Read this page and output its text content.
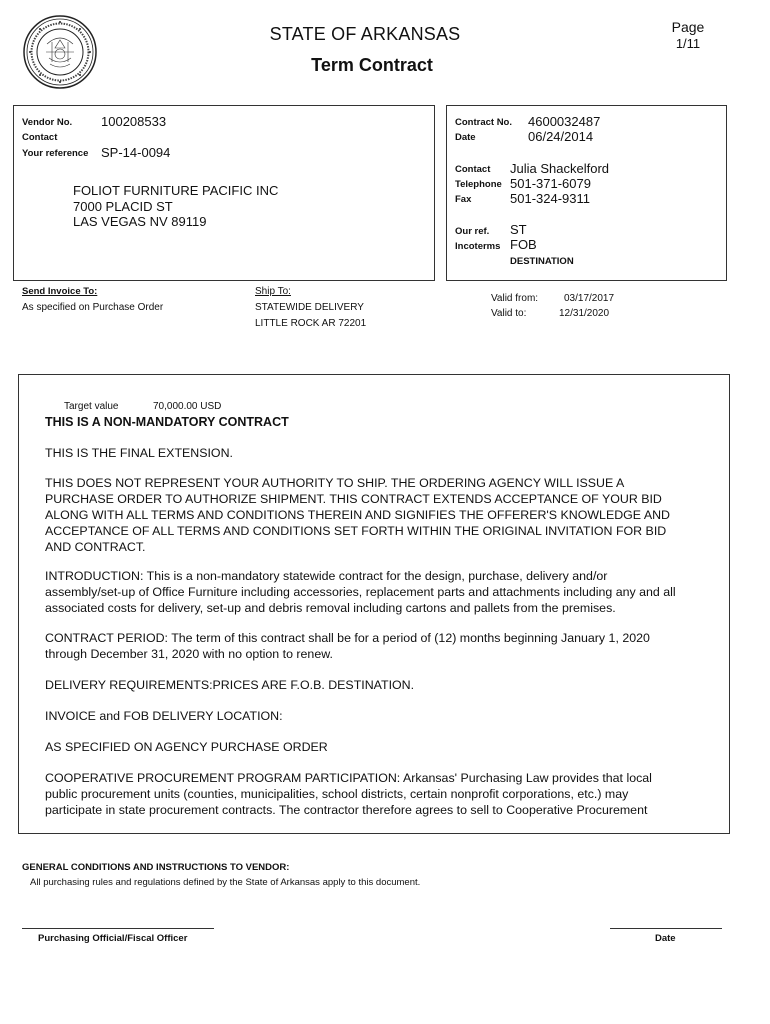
STATE OF ARKANSAS
Term Contract
Page
1/11
Vendor No. 100208533
Contact
Your reference SP-14-0094
FOLIOT FURNITURE PACIFIC INC
7000 PLACID ST
LAS VEGAS NV 89119
Contract No. 4600032487
Date	06/24/2014
Contact Julia Shackelford
Telephone 501-371-6079
Fax	501-324-9311
Our ref. ST
Incoterms FOB
DESTINATION
Send Invoice To:
As specified on Purchase Order
Ship To:
STATEWIDE DELIVERY
LITTLE ROCK AR 72201
Valid from:	03/17/2017
Valid to:	12/31/2020
Target value	70,000.00 USD
THIS IS A NON-MANDATORY CONTRACT
THIS IS THE FINAL EXTENSION.
THIS DOES NOT REPRESENT YOUR AUTHORITY TO SHIP. THE ORDERING AGENCY WILL ISSUE A
PURCHASE ORDER TO AUTHORIZE SHIPMENT. THIS CONTRACT EXTENDS ACCEPTANCE OF YOUR BID
ALONG WITH ALL TERMS AND CONDITIONS THEREIN AND SIGNIFIES THE OFFERER'S KNOWLEDGE AND
ACCEPTANCE OF ALL TERMS AND CONDITIONS SET FORTH WITHIN THE ORIGINAL INVITATION FOR BID
AND CONTRACT.
INTRODUCTION: This is a non-mandatory statewide contract for the design, purchase, delivery and/or
assembly/set-up of Office Furniture including accessories, replacement parts and attachments including any and all
associated costs for delivery, set-up and debris removal including cartons and pallets from the premises.
CONTRACT PERIOD: The term of this contract shall be for a period of (12) months beginning January 1, 2020
through December 31, 2020 with no option to renew.
DELIVERY REQUIREMENTS:PRICES ARE F.O.B. DESTINATION.
INVOICE and FOB DELIVERY LOCATION:
AS SPECIFIED ON AGENCY PURCHASE ORDER
COOPERATIVE PROCUREMENT PROGRAM PARTICIPATION: Arkansas' Purchasing Law provides that local
public procurement units (counties, municipalities, school districts, certain nonprofit corporations, etc.) may
participate in state procurement contracts. The contractor therefore agrees to sell to Cooperative Procurement
GENERAL CONDITIONS AND INSTRUCTIONS TO VENDOR:
All purchasing rules and regulations defined by the State of Arkansas apply to this document.
Purchasing Official/Fiscal Officer	Date
